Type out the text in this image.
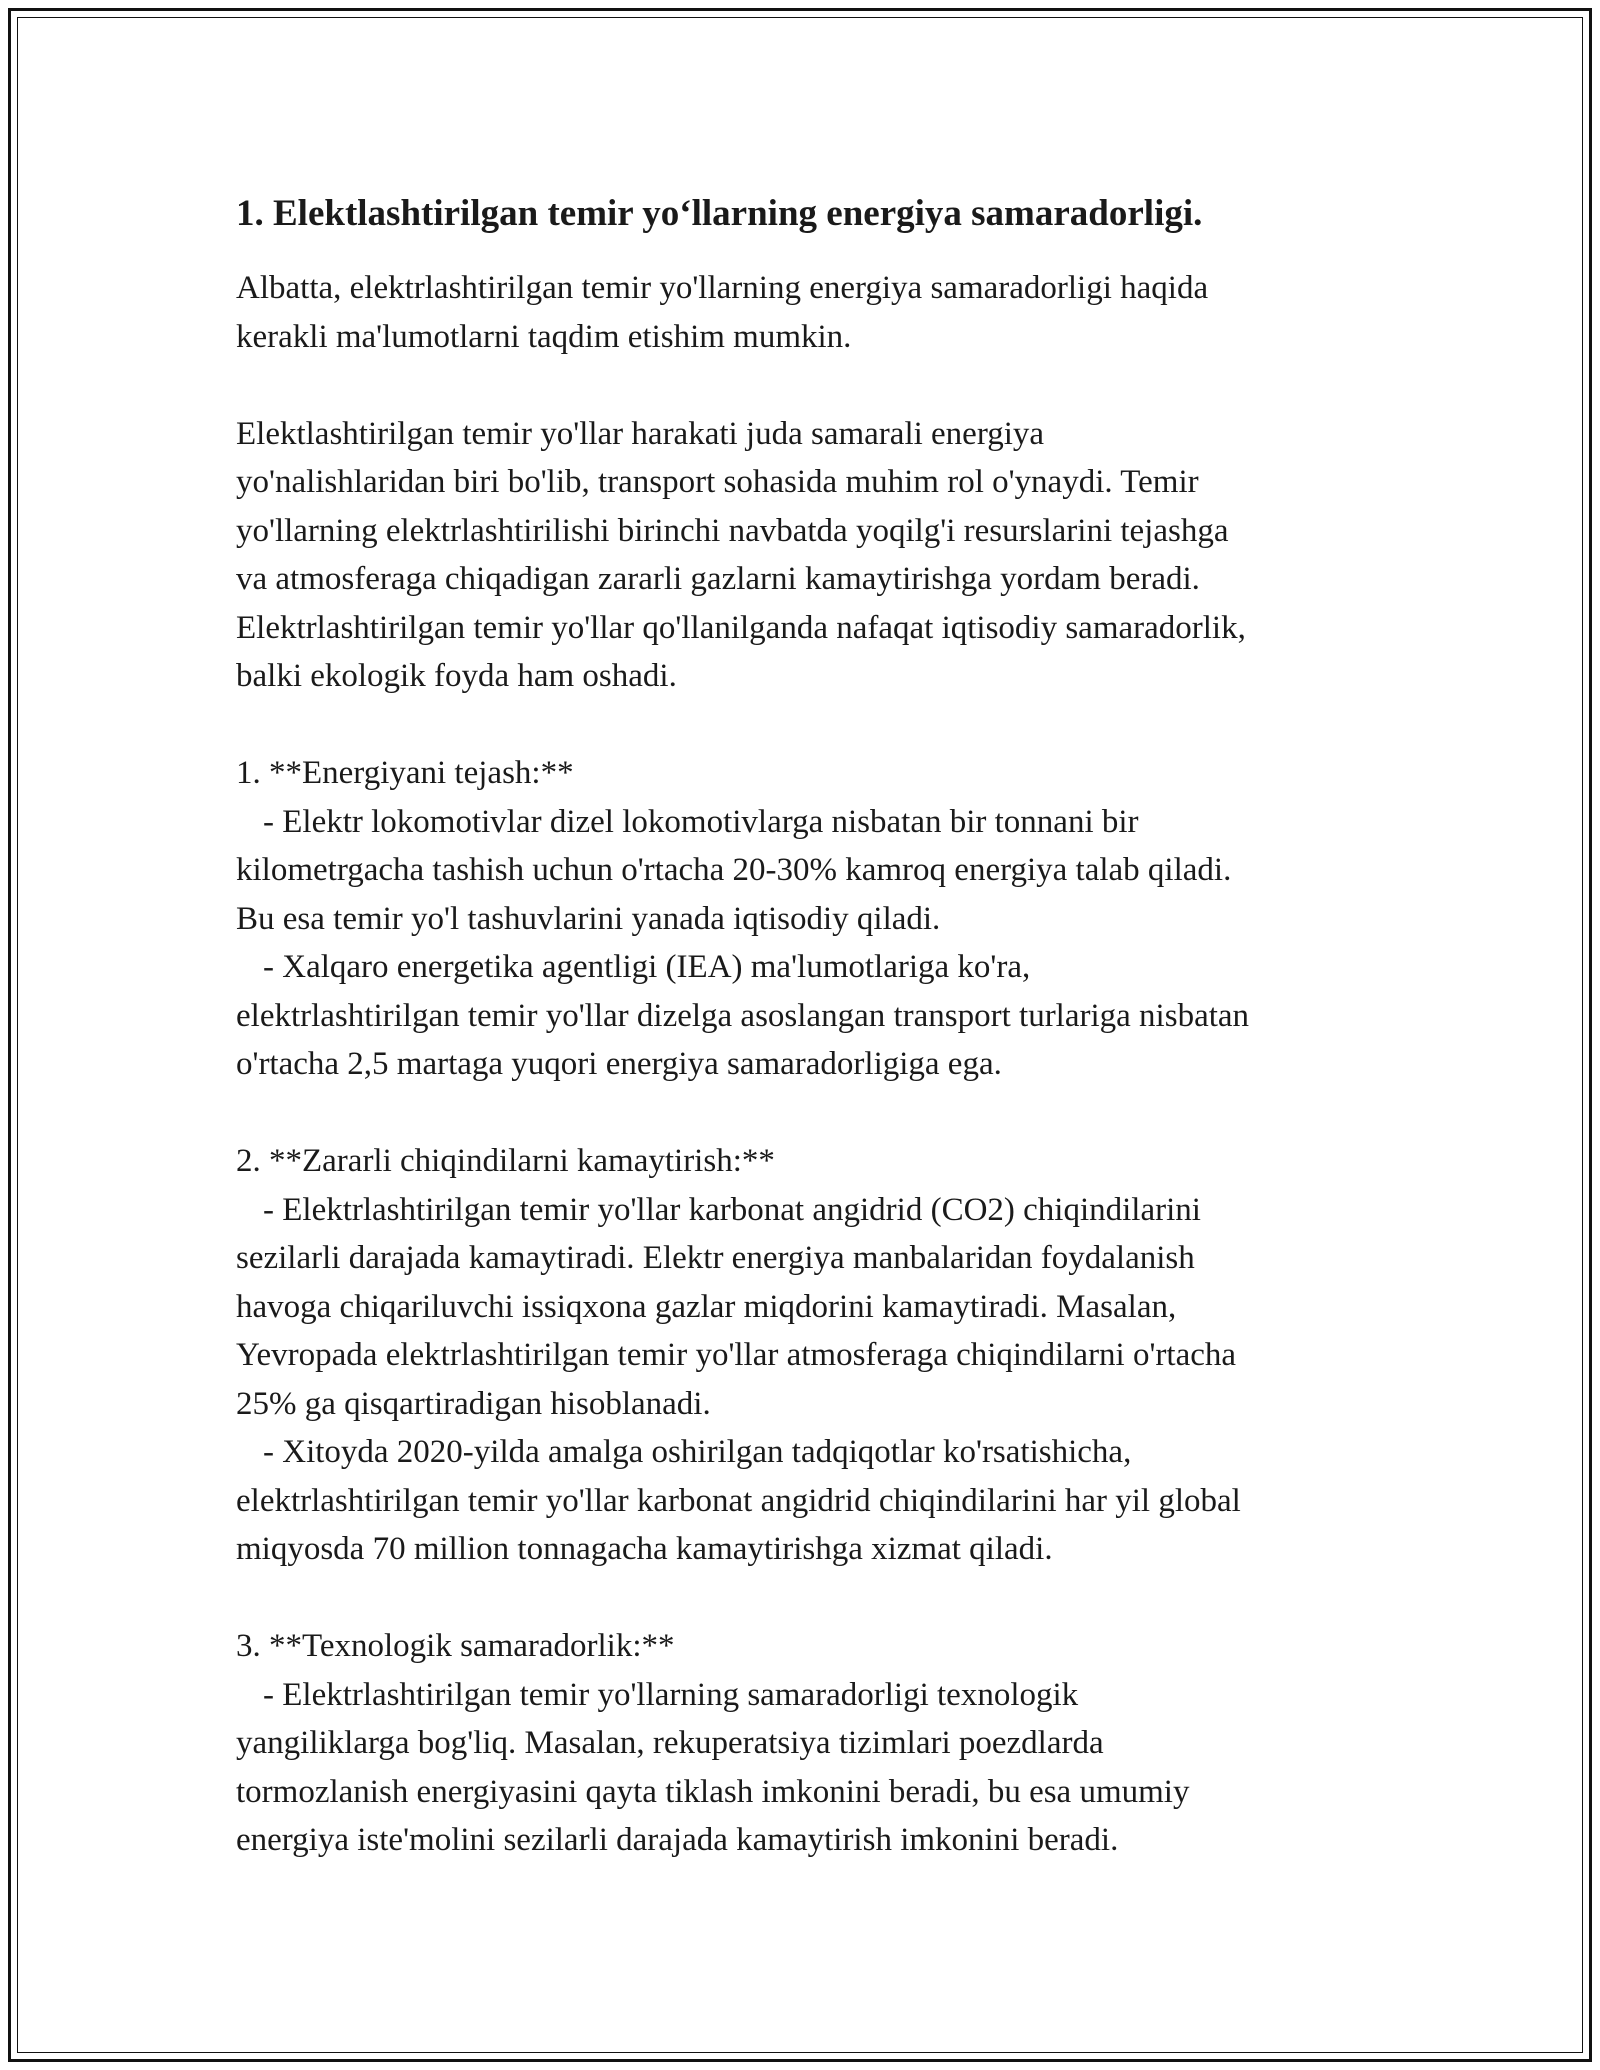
1. Elektlashtirilgan temir yo‘llarning energiya samaradorligi.

Albatta, elektrlashtirilgan temir yo'llarning energiya samaradorligi haqida
kerakli ma'lumotlarni taqdim etishim mumkin.

Elektlashtirilgan temir yo'llar harakati juda samarali energiya
yo'nalishlaridan biri bo'lib, transport sohasida muhim rol o'ynaydi. Temir
yo'llarning elektrlashtirilishi birinchi navbatda yoqilg'i resurslarini tejashga
va atmosferaga chiqadigan zararli gazlarni kamaytirishga yordam beradi.
Elektrlashtirilgan temir yo'llar qo'llanilganda nafaqat iqtisodiy samaradorlik,
balki ekologik foyda ham oshadi.

1. **Energiyani tejash:**
- Elektr lokomotivlar dizel lokomotivlarga nisbatan bir tonnani bir
kilometrgacha tashish uchun o'rtacha 20-30% kamroq energiya talab qiladi.
Bu esa temir yo'l tashuvlarini yanada iqtisodiy qiladi.
- Xalqaro energetika agentligi (IEA) ma'lumotlariga ko'ra,
elektrlashtirilgan temir yo'llar dizelga asoslangan transport turlariga nisbatan
o'rtacha 2,5 martaga yuqori energiya samaradorligiga ega.
2. **Zararli chiqindilarni kamaytirish:**
- Elektrlashtirilgan temir yo'llar karbonat angidrid (CO2) chiqindilarini
sezilarli darajada kamaytiradi. Elektr energiya manbalaridan foydalanish
havoga chiqariluvchi issiqxona gazlar miqdorini kamaytiradi. Masalan,
Yevropada elektrlashtirilgan temir yo'llar atmosferaga chiqindilarni o'rtacha
25% ga qisqartiradigan hisoblanadi.
- Xitoyda 2020-yilda amalga oshirilgan tadqiqotlar ko'rsatishicha,
elektrlashtirilgan temir yo'llar karbonat angidrid chiqindilarini har yil global
miqyosda 70 million tonnagacha kamaytirishga xizmat qiladi.
3. **Texnologik samaradorlik:**
- Elektrlashtirilgan temir yo'llarning samaradorligi texnologik
yangiliklarga bog'liq. Masalan, rekuperatsiya tizimlari poezdlarda
tormozlanish energiyasini qayta tiklash imkonini beradi, bu esa umumiy
energiya iste'molini sezilarli darajada kamaytirish imkonini beradi.
